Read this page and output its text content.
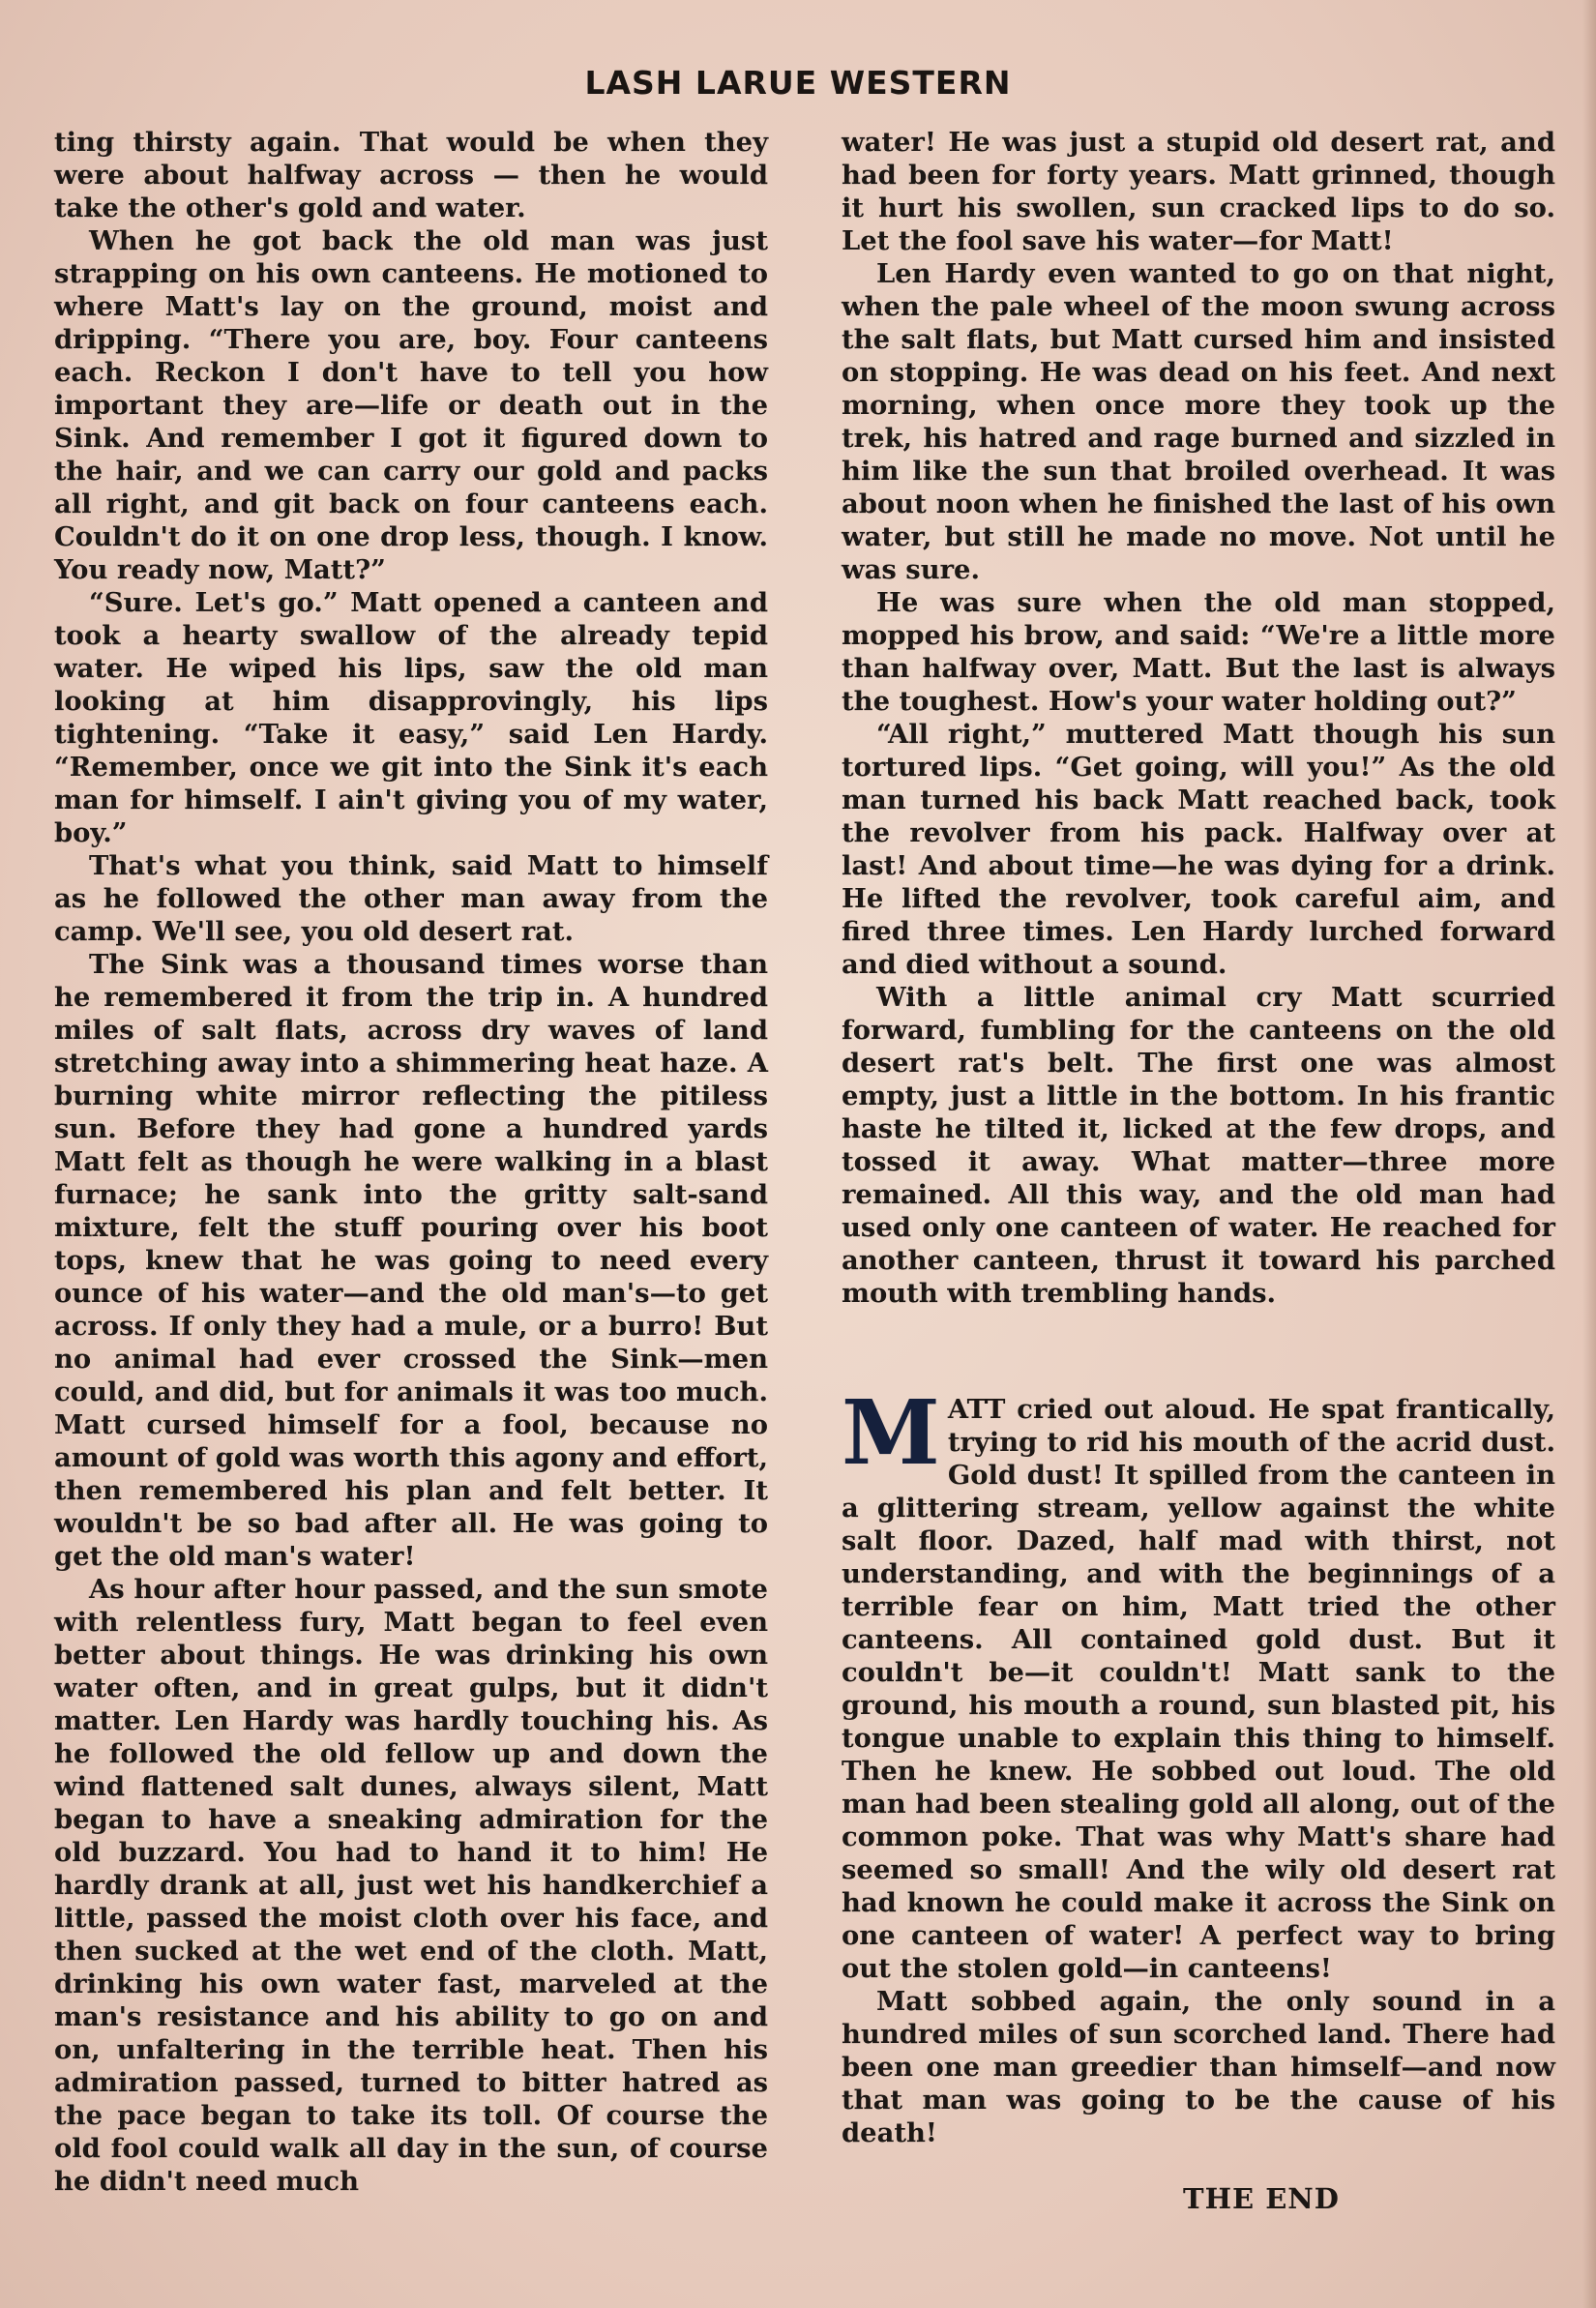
LASH LARUE WESTERN

ting thirsty again. That would be when they were about halfway across — then he would take the other's gold and water.

When he got back the old man was just strapping on his own canteens. He motioned to where Matt's lay on the ground, moist and dripping. “There you are, boy. Four canteens each. Reckon I don't have to tell you how important they are—life or death out in the Sink. And remember I got it figured down to the hair, and we can carry our gold and packs all right, and git back on four canteens each. Couldn't do it on one drop less, though. I know. You ready now, Matt?”

“Sure. Let's go.” Matt opened a canteen and took a hearty swallow of the already tepid water. He wiped his lips, saw the old man looking at him disapprovingly, his lips tightening. “Take it easy,” said Len Hardy. “Remember, once we git into the Sink it's each man for himself. I ain't giving you of my water, boy.”

That's what you think, said Matt to himself as he followed the other man away from the camp. We'll see, you old desert rat.

The Sink was a thousand times worse than he remembered it from the trip in. A hundred miles of salt flats, across dry waves of land stretching away into a shimmering heat haze. A burning white mirror reflecting the pitiless sun. Before they had gone a hundred yards Matt felt as though he were walking in a blast furnace; he sank into the gritty salt-sand mixture, felt the stuff pouring over his boot tops, knew that he was going to need every ounce of his water—and the old man's—to get across. If only they had a mule, or a burro! But no animal had ever crossed the Sink—men could, and did, but for animals it was too much. Matt cursed himself for a fool, because no amount of gold was worth this agony and effort, then remembered his plan and felt better. It wouldn't be so bad after all. He was going to get the old man's water!

As hour after hour passed, and the sun smote with relentless fury, Matt began to feel even better about things. He was drinking his own water often, and in great gulps, but it didn't matter. Len Hardy was hardly touching his. As he followed the old fellow up and down the wind flattened salt dunes, always silent, Matt began to have a sneaking admiration for the old buzzard. You had to hand it to him! He hardly drank at all, just wet his handkerchief a little, passed the moist cloth over his face, and then sucked at the wet end of the cloth. Matt, drinking his own water fast, marveled at the man's resistance and his ability to go on and on, unfaltering in the terrible heat. Then his admiration passed, turned to bitter hatred as the pace began to take its toll. Of course the old fool could walk all day in the sun, of course he didn't need much

water! He was just a stupid old desert rat, and had been for forty years. Matt grinned, though it hurt his swollen, sun cracked lips to do so. Let the fool save his water—for Matt!

Len Hardy even wanted to go on that night, when the pale wheel of the moon swung across the salt flats, but Matt cursed him and insisted on stopping. He was dead on his feet. And next morning, when once more they took up the trek, his hatred and rage burned and sizzled in him like the sun that broiled overhead. It was about noon when he finished the last of his own water, but still he made no move. Not until he was sure.

He was sure when the old man stopped, mopped his brow, and said: “We're a little more than halfway over, Matt. But the last is always the toughest. How's your water holding out?”

“All right,” muttered Matt though his sun tortured lips. “Get going, will you!” As the old man turned his back Matt reached back, took the revolver from his pack. Halfway over at last! And about time—he was dying for a drink. He lifted the revolver, took careful aim, and fired three times. Len Hardy lurched forward and died without a sound.

With a little animal cry Matt scurried forward, fumbling for the canteens on the old desert rat's belt. The first one was almost empty, just a little in the bottom. In his frantic haste he tilted it, licked at the few drops, and tossed it away. What matter—three more remained. All this way, and the old man had used only one canteen of water. He reached for another canteen, thrust it toward his parched mouth with trembling hands.

MATT cried out aloud. He spat frantically, trying to rid his mouth of the acrid dust. Gold dust! It spilled from the canteen in a glittering stream, yellow against the white salt floor. Dazed, half mad with thirst, not understanding, and with the beginnings of a terrible fear on him, Matt tried the other canteens. All contained gold dust. But it couldn't be—it couldn't! Matt sank to the ground, his mouth a round, sun blasted pit, his tongue unable to explain this thing to himself. Then he knew. He sobbed out loud. The old man had been stealing gold all along, out of the common poke. That was why Matt's share had seemed so small! And the wily old desert rat had known he could make it across the Sink on one canteen of water! A perfect way to bring out the stolen gold—in canteens!

Matt sobbed again, the only sound in a hundred miles of sun scorched land. There had been one man greedier than himself—and now that man was going to be the cause of his death!

THE END
